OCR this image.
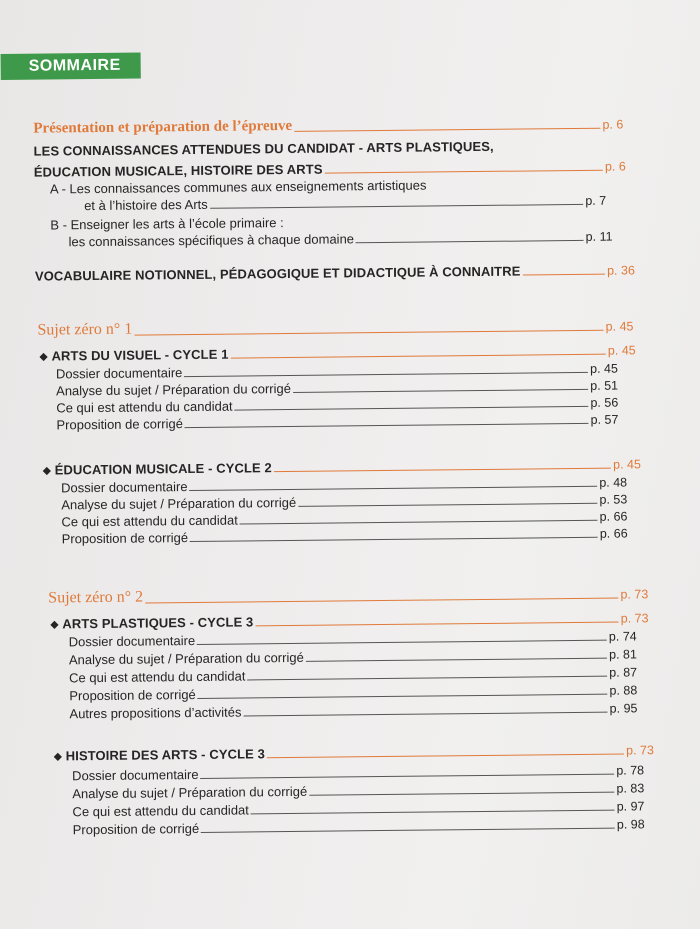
SOMMAIRE
Présentation et préparation de l’épreuve	p. 6
LES CONNAISSANCES ATTENDUES DU CANDIDAT - ARTS PLASTIQUES,
ÉDUCATION MUSICALE, HISTOIRE DES ARTS	p. 6
A - Les connaissances communes aux enseignements artistiques
et à l’histoire des Arts	p. 7
B - Enseigner les arts à l’école primaire :
les connaissances spécifiques à chaque domaine	p. 11
VOCABULAIRE NOTIONNEL, PÉDAGOGIQUE ET DIDACTIQUE À CONNAITRE	p. 36
Sujet zéro n° 1	p. 45
◆ ARTS DU VISUEL - CYCLE 1	p. 45
Dossier documentaire	p. 45
Analyse du sujet / Préparation du corrigé	p. 51
Ce qui est attendu du candidat	p. 56
Proposition de corrigé	p. 57
◆ ÉDUCATION MUSICALE - CYCLE 2	p. 45
Dossier documentaire	p. 48
Analyse du sujet / Préparation du corrigé	p. 53
Ce qui est attendu du candidat	p. 66
Proposition de corrigé	p. 66
Sujet zéro n° 2	p. 73
◆ ARTS PLASTIQUES - CYCLE 3	p. 73
Dossier documentaire	p. 74
Analyse du sujet / Préparation du corrigé	p. 81
Ce qui est attendu du candidat	p. 87
Proposition de corrigé	p. 88
Autres propositions d’activités	p. 95
◆ HISTOIRE DES ARTS - CYCLE 3	p. 73
Dossier documentaire	p. 78
Analyse du sujet / Préparation du corrigé	p. 83
Ce qui est attendu du candidat	p. 97
Proposition de corrigé	p. 98
